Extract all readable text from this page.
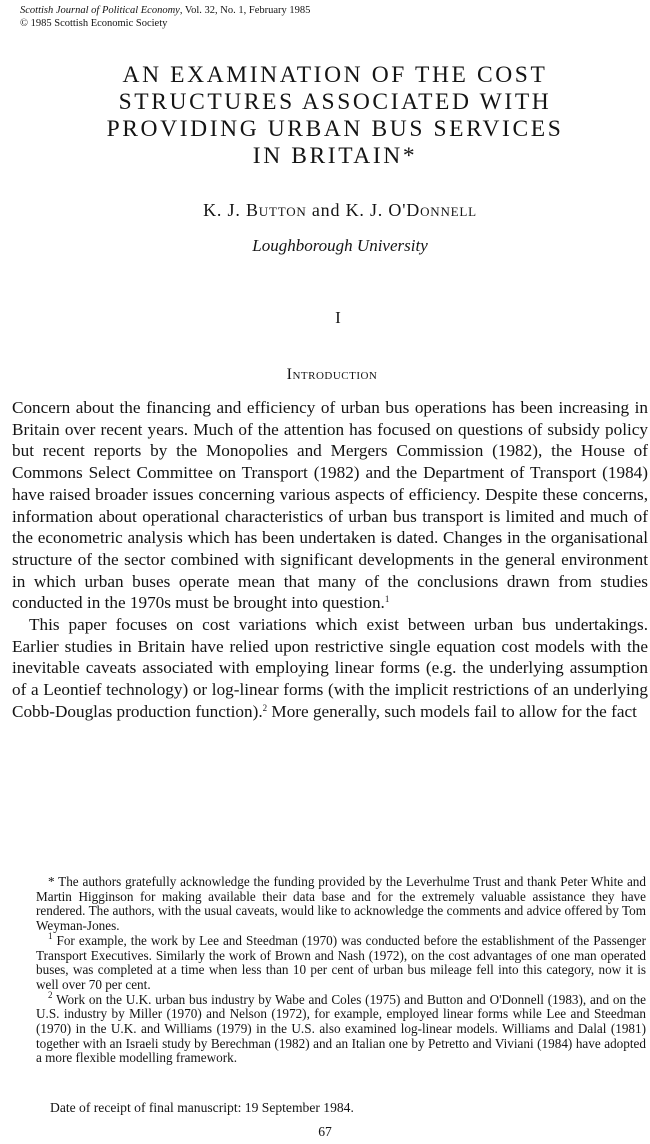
Scottish Journal of Political Economy, Vol. 32, No. 1, February 1985
© 1985 Scottish Economic Society
AN EXAMINATION OF THE COST
STRUCTURES ASSOCIATED WITH
PROVIDING URBAN BUS SERVICES
IN BRITAIN*
K. J. Button and K. J. O'Donnell
Loughborough University
I
Introduction

Concern about the financing and efficiency of urban bus operations has been increasing in Britain over recent years. Much of the attention has focused on questions of subsidy policy but recent reports by the Monopolies and Mergers Commission (1982), the House of Commons Select Committee on Transport (1982) and the Department of Transport (1984) have raised broader issues concerning various aspects of efficiency. Despite these concerns, information about operational characteristics of urban bus transport is limited and much of the econometric analysis which has been undertaken is dated. Changes in the organisational structure of the sector combined with significant developments in the general environment in which urban buses operate mean that many of the conclusions drawn from studies conducted in the 1970s must be brought into question.$^1$

This paper focuses on cost variations which exist between urban bus undertakings. Earlier studies in Britain have relied upon restrictive single equation cost models with the inevitable caveats associated with employing linear forms (e.g. the underlying assumption of a Leontief technology) or log-linear forms (with the implicit restrictions of an underlying Cobb-Douglas production function).$^2$ More generally, such models fail to allow for the fact

* The authors gratefully acknowledge the funding provided by the Leverhulme Trust and thank Peter White and Martin Higginson for making available their data base and for the extremely valuable assistance they have rendered. The authors, with the usual caveats, would like to acknowledge the comments and advice offered by Tom Weyman-Jones.

$^1$ For example, the work by Lee and Steedman (1970) was conducted before the establishment of the Passenger Transport Executives. Similarly the work of Brown and Nash (1972), on the cost advantages of one man operated buses, was completed at a time when less than 10 per cent of urban bus mileage fell into this category, now it is well over 70 per cent.

$^2$ Work on the U.K. urban bus industry by Wabe and Coles (1975) and Button and O'Donnell (1983), and on the U.S. industry by Miller (1970) and Nelson (1972), for example, employed linear forms while Lee and Steedman (1970) in the U.K. and Williams (1979) in the U.S. also examined log-linear models. Williams and Dalal (1981) together with an Israeli study by Berechman (1982) and an Italian one by Petretto and Viviani (1984) have adopted a more flexible modelling framework.

Date of receipt of final manuscript: 19 September 1984.
67
